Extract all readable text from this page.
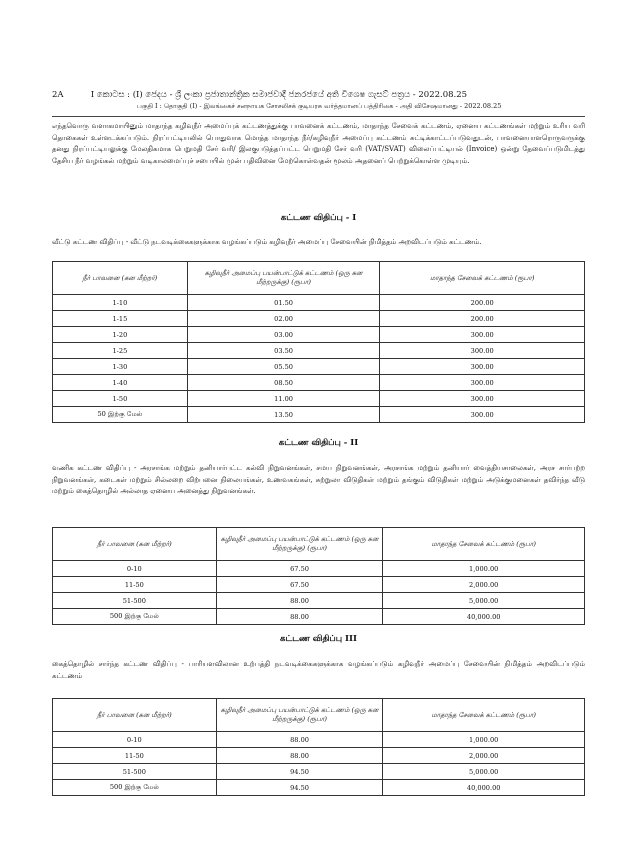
2A	I කොටස : (I) ජෙදය - ශ්‍රී ලංකා ප්‍රජාතාන්ත්‍රික සමාජවාදී ජනරජයේ අති විශෙෂ ගැසට් පත්‍රය - 2022.08.25
பகுதி I : தொகுதி (I) - இலங்கைச் சனநாயக சோசலிசக் குடியரசு வர்த்தமானப் பத்திரிகை - அதி விசேஷமானது - 2022.08.25
எந்தவொரு வளாகமாயினும் மாதாந்த கழிவுநீர் அமைப்புக் கட்டணத்துக்கு பாவனைக் கட்டணம், மாதாந்த சேவைக் கட்டணம், ஏனைய கட்டணங்கள் மற்றும் உரிய வரி தொகைகள் உள்ளடக்கப்படும். நிரப்பட்டியலில் பொதுவாக மொத்த மாதாந்த நீர்/கழிவுநீர் அமைப்பு கட்டணம் சுட்டிக்காட்டப்படுவதுடன், பாவனையாளரொருவருக்கு தனது நிரப்பட்டியலுக்கு மேலதிகமாக பெறுமதி சேர் வரி/ இலகுபடுத்தப்பட்ட பெறுமதி சேர் வரி (VAT/SVAT) விலைப்பட்டியல் (Invoice) ஒன்று தேவைப்படுமிடத்து தேசிய நீர் வழங்கல் மற்றும் வடிகாலமைப்புச் சபையில் முன் பதிவினை மேற்கொள்வதன் மூலம் அதனைப் பெற்றுக்கொள்ள முடியும்.
கட்டண விதிப்பு - I
வீட்டு கட்டண விதிப்பு - வீட்டு நடவடிக்கைகளுக்காக வழங்கப்படும் கழிவுநீர் அமைப்பு சேவையின் நிமித்தம் அறவிடப்படும் கட்டணம்.
நீர் பாவனை (கன மீற்றர்)	கழிவுநீர் அமைப்பு பயன்பாட்டுக் கட்டணம் (ஒரு கன மீற்றருக்கு) (ரூபா)	மாதாந்த சேவைக் கட்டணம் (ரூபா)
1-10	01.50	200.00
1-15	02.00	200.00
1-20	03.00	300.00
1-25	03.50	300.00
1-30	05.50	300.00
1-40	08.50	300.00
1-50	11.00	300.00
50 இற்கு மேல்	13.50	300.00
கட்டண விதிப்பு - II
வணிக கட்டண விதிப்பு - அரசாங்க மற்றும் தனியார்பட்ட கல்வி நிறுவனங்கள், சமய நிறுவனங்கள், அரசாங்க மற்றும் தனியார் வைத்தியசாலைகள், அரச சார்பற்ற நிறுவனங்கள், கடைகள் மற்றும் சில்லறை விற்பனை நிலையங்கள், உணவகங்கள், சுற்றுலா விடுதிகள் மற்றும் தங்கும் விடுதிகள் மற்றும் அடுக்குமனைகள் தவிர்ந்த வீடு மற்றும் கைத்தொழில் அல்லாத ஏனைய அனைத்து நிறுவனங்கள்.
நீர் பாவனை (கன மீற்றர்)	கழிவுநீர் அமைப்பு பயன்பாட்டுக் கட்டணம் (ஒரு கன மீற்றருக்கு) (ரூபா)	மாதாந்த சேவைக் கட்டணம் (ரூபா)
0-10	67.50	1,000.00
11-50	67.50	2,000.00
51-500	88.00	5,000.00
500 இற்கு மேல்	88.00	40,000.00
கட்டண விதிப்பு III
கைத்தொழில் சார்ந்த கட்டண விதிப்பு - பாரியளவிலான உற்பத்தி நடவடிக்கைகளுக்காக வழங்கப்படும் கழிவுநீர் அமைப்பு சேவையின் நிமித்தம் அறவிடப்படும் கட்டணம்
நீர் பாவனை (கன மீற்றர்)	கழிவுநீர் அமைப்பு பயன்பாட்டுக் கட்டணம் (ஒரு கன மீற்றருக்கு) (ரூபா)	மாதாந்த சேவைக் கட்டணம் (ரூபா)
0-10	88.00	1,000.00
11-50	88.00	2,000.00
51-500	94.50	5,000.00
500 இற்கு மேல்	94.50	40,000.00
